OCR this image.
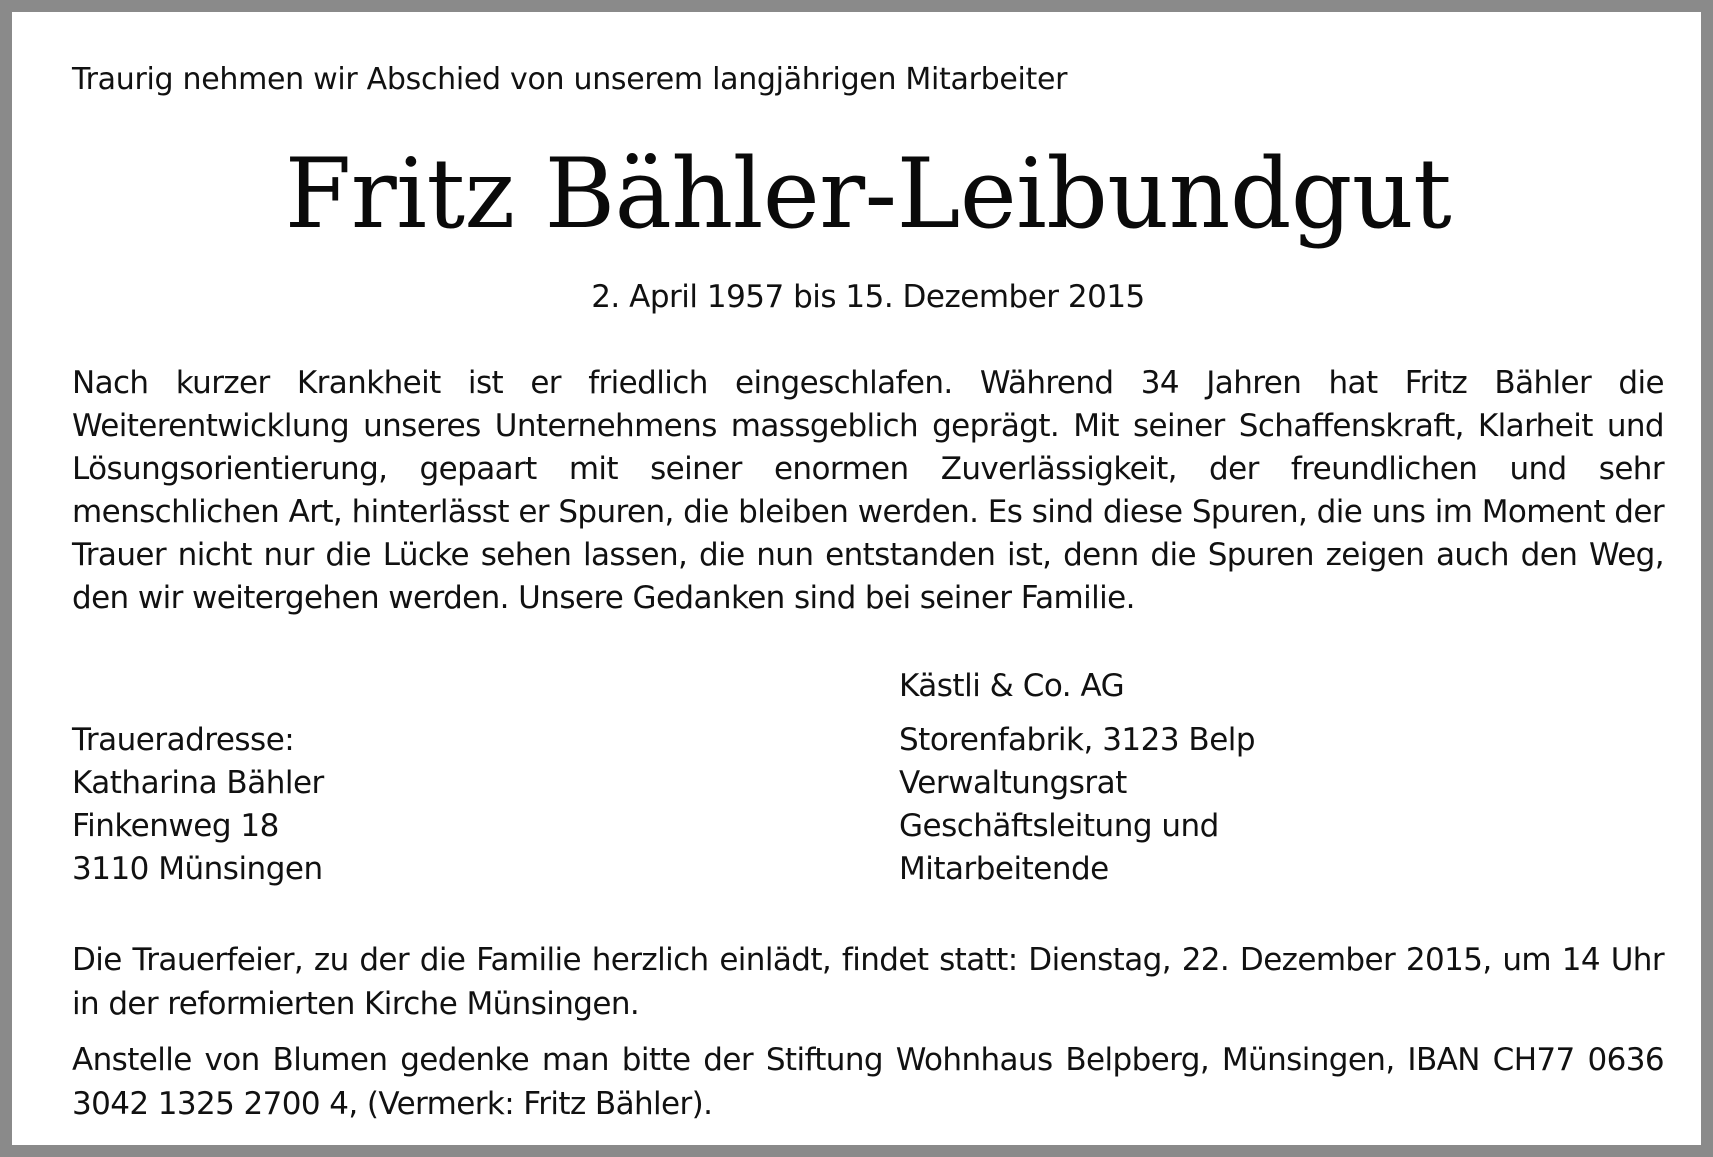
Traurig nehmen wir Abschied von unserem langjährigen Mitarbeiter
Fritz Bähler-Leibundgut
2. April 1957 bis 15. Dezember 2015
Nach kurzer Krankheit ist er friedlich eingeschlafen. Während 34 Jahren hat Fritz Bähler die Weiterentwicklung unseres Unternehmens massgeblich geprägt. Mit seiner Schaffenskraft, Klarheit und Lösungsorientierung, gepaart mit seiner enormen Zuverlässigkeit, der freundlichen und sehr menschlichen Art, hinterlässt er Spuren, die bleiben werden. Es sind diese Spuren, die uns im Moment der Trauer nicht nur die Lücke sehen lassen, die nun entstanden ist, denn die Spuren zeigen auch den Weg, den wir weitergehen werden. Unsere Gedanken sind bei seiner Familie.
Traueradresse:
Katharina Bähler
Finkenweg 18
3110 Münsingen
Kästli & Co. AG
Storenfabrik, 3123 Belp
Verwaltungsrat
Geschäftsleitung und
Mitarbeitende
Die Trauerfeier, zu der die Familie herzlich einlädt, findet statt: Dienstag, 22. Dezember 2015, um 14 Uhr in der reformierten Kirche Münsingen.
Anstelle von Blumen gedenke man bitte der Stiftung Wohnhaus Belpberg, Münsingen, IBAN CH77 0636 3042 1325 2700 4, (Vermerk: Fritz Bähler).
